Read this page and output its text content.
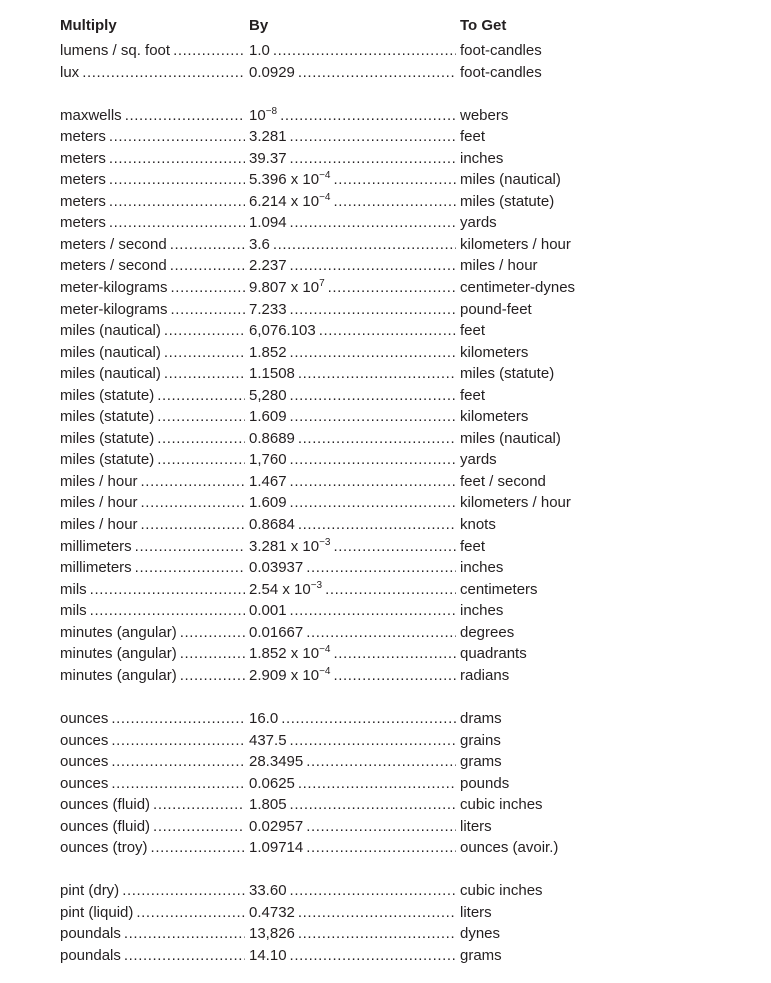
Multiply	By	To Get
lumens / sq. foot .....	1.0 .....	foot-candles
lux .....	0.0929 .....	foot-candles
maxwells .....	$10^{-8}$ .....	webers
meters .....	3.281 .....	feet
meters .....	39.37 .....	inches
meters .....	5.396 x $10^{-4}$ .....	miles (nautical)
meters .....	6.214 x $10^{-4}$ .....	miles (statute)
meters .....	1.094 .....	yards
meters / second .....	3.6 .....	kilometers / hour
meters / second .....	2.237 .....	miles / hour
meter-kilograms .....	9.807 x $10^7$ .....	centimeter-dynes
meter-kilograms .....	7.233 .....	pound-feet
miles (nautical) .....	6,076.103 .....	feet
miles (nautical) .....	1.852 .....	kilometers
miles (nautical) .....	1.1508 .....	miles (statute)
miles (statute) .....	5,280 .....	feet
miles (statute) .....	1.609 .....	kilometers
miles (statute) .....	0.8689 .....	miles (nautical)
miles (statute) .....	1,760 .....	yards
miles / hour .....	1.467 .....	feet / second
miles / hour .....	1.609 .....	kilometers / hour
miles / hour .....	0.8684 .....	knots
millimeters .....	3.281 x $10^{-3}$ .....	feet
millimeters .....	0.03937 .....	inches
mils .....	2.54 x $10^{-3}$ .....	centimeters
mils .....	0.001 .....	inches
minutes (angular) .....	0.01667 .....	degrees
minutes (angular) .....	1.852 x $10^{-4}$ .....	quadrants
minutes (angular) .....	2.909 x $10^{-4}$ .....	radians
ounces .....	16.0 .....	drams
ounces .....	437.5 .....	grains
ounces .....	28.3495 .....	grams
ounces .....	0.0625 .....	pounds
ounces (fluid) .....	1.805 .....	cubic inches
ounces (fluid) .....	0.02957 .....	liters
ounces (troy) .....	1.09714 .....	ounces (avoir.)
pint (dry) .....	33.60 .....	cubic inches
pint (liquid) .....	0.4732 .....	liters
poundals .....	13,826 .....	dynes
poundals .....	14.10 .....	grams
